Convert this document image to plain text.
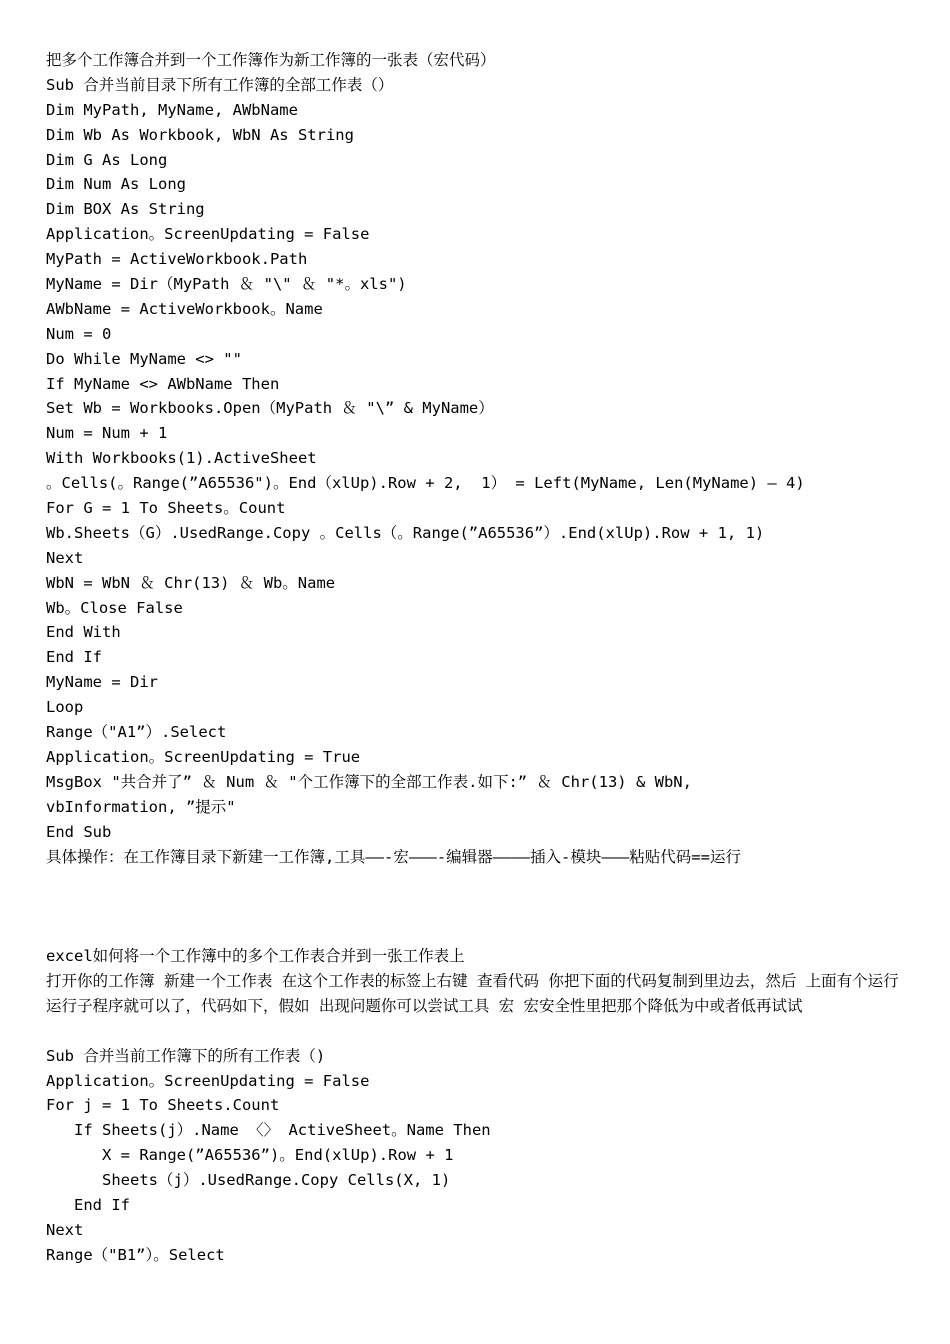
把多个工作簿合并到一个工作簿作为新工作簿的一张表（宏代码）
Sub 合并当前目录下所有工作簿的全部工作表（）
Dim MyPath, MyName, AWbName
Dim Wb As Workbook, WbN As String
Dim G As Long
Dim Num As Long
Dim BOX As String
Application。ScreenUpdating = False
MyPath = ActiveWorkbook.Path
MyName = Dir（MyPath ＆ "\" ＆ "*。xls")
AWbName = ActiveWorkbook。Name
Num = 0
Do While MyName <> ""
If MyName <> AWbName Then
Set Wb = Workbooks.Open（MyPath ＆ "\” & MyName）
Num = Num + 1
With Workbooks(1).ActiveSheet
。Cells(。Range(”A65536")。End（xlUp).Row + 2,  1） = Left(MyName, Len(MyName) — 4)
For G = 1 To Sheets。Count
Wb.Sheets（G）.UsedRange.Copy 。Cells（。Range(”A65536”）.End(xlUp).Row + 1, 1)
Next
WbN = WbN ＆ Chr(13) ＆ Wb。Name
Wb。Close False
End With
End If
MyName = Dir
Loop
Range（"A1”）.Select
Application。ScreenUpdating = True
MsgBox "共合并了” ＆ Num ＆ "个工作簿下的全部工作表.如下:” ＆ Chr(13) & WbN,
vbInformation, ”提示"
End Sub
具体操作：在工作簿目录下新建一工作簿,工具——-宏———-编辑器————插入-模块———粘贴代码==运行
excel如何将一个工作簿中的多个工作表合并到一张工作表上
打开你的工作簿 新建一个工作表 在这个工作表的标签上右键 查看代码 你把下面的代码复制到里边去，然后 上面有个运行 运行子程序就可以了，代码如下，假如 出现问题你可以尝试工具 宏 宏安全性里把那个降低为中或者低再试试
Sub 合并当前工作簿下的所有工作表（)
Application。ScreenUpdating = False
For j = 1 To Sheets.Count
If Sheets(j）.Name 〈〉 ActiveSheet。Name Then
X = Range(”A65536”)。End(xlUp).Row + 1
Sheets（j）.UsedRange.Copy Cells(X, 1)
End If
Next
Range（"B1”）。Select
